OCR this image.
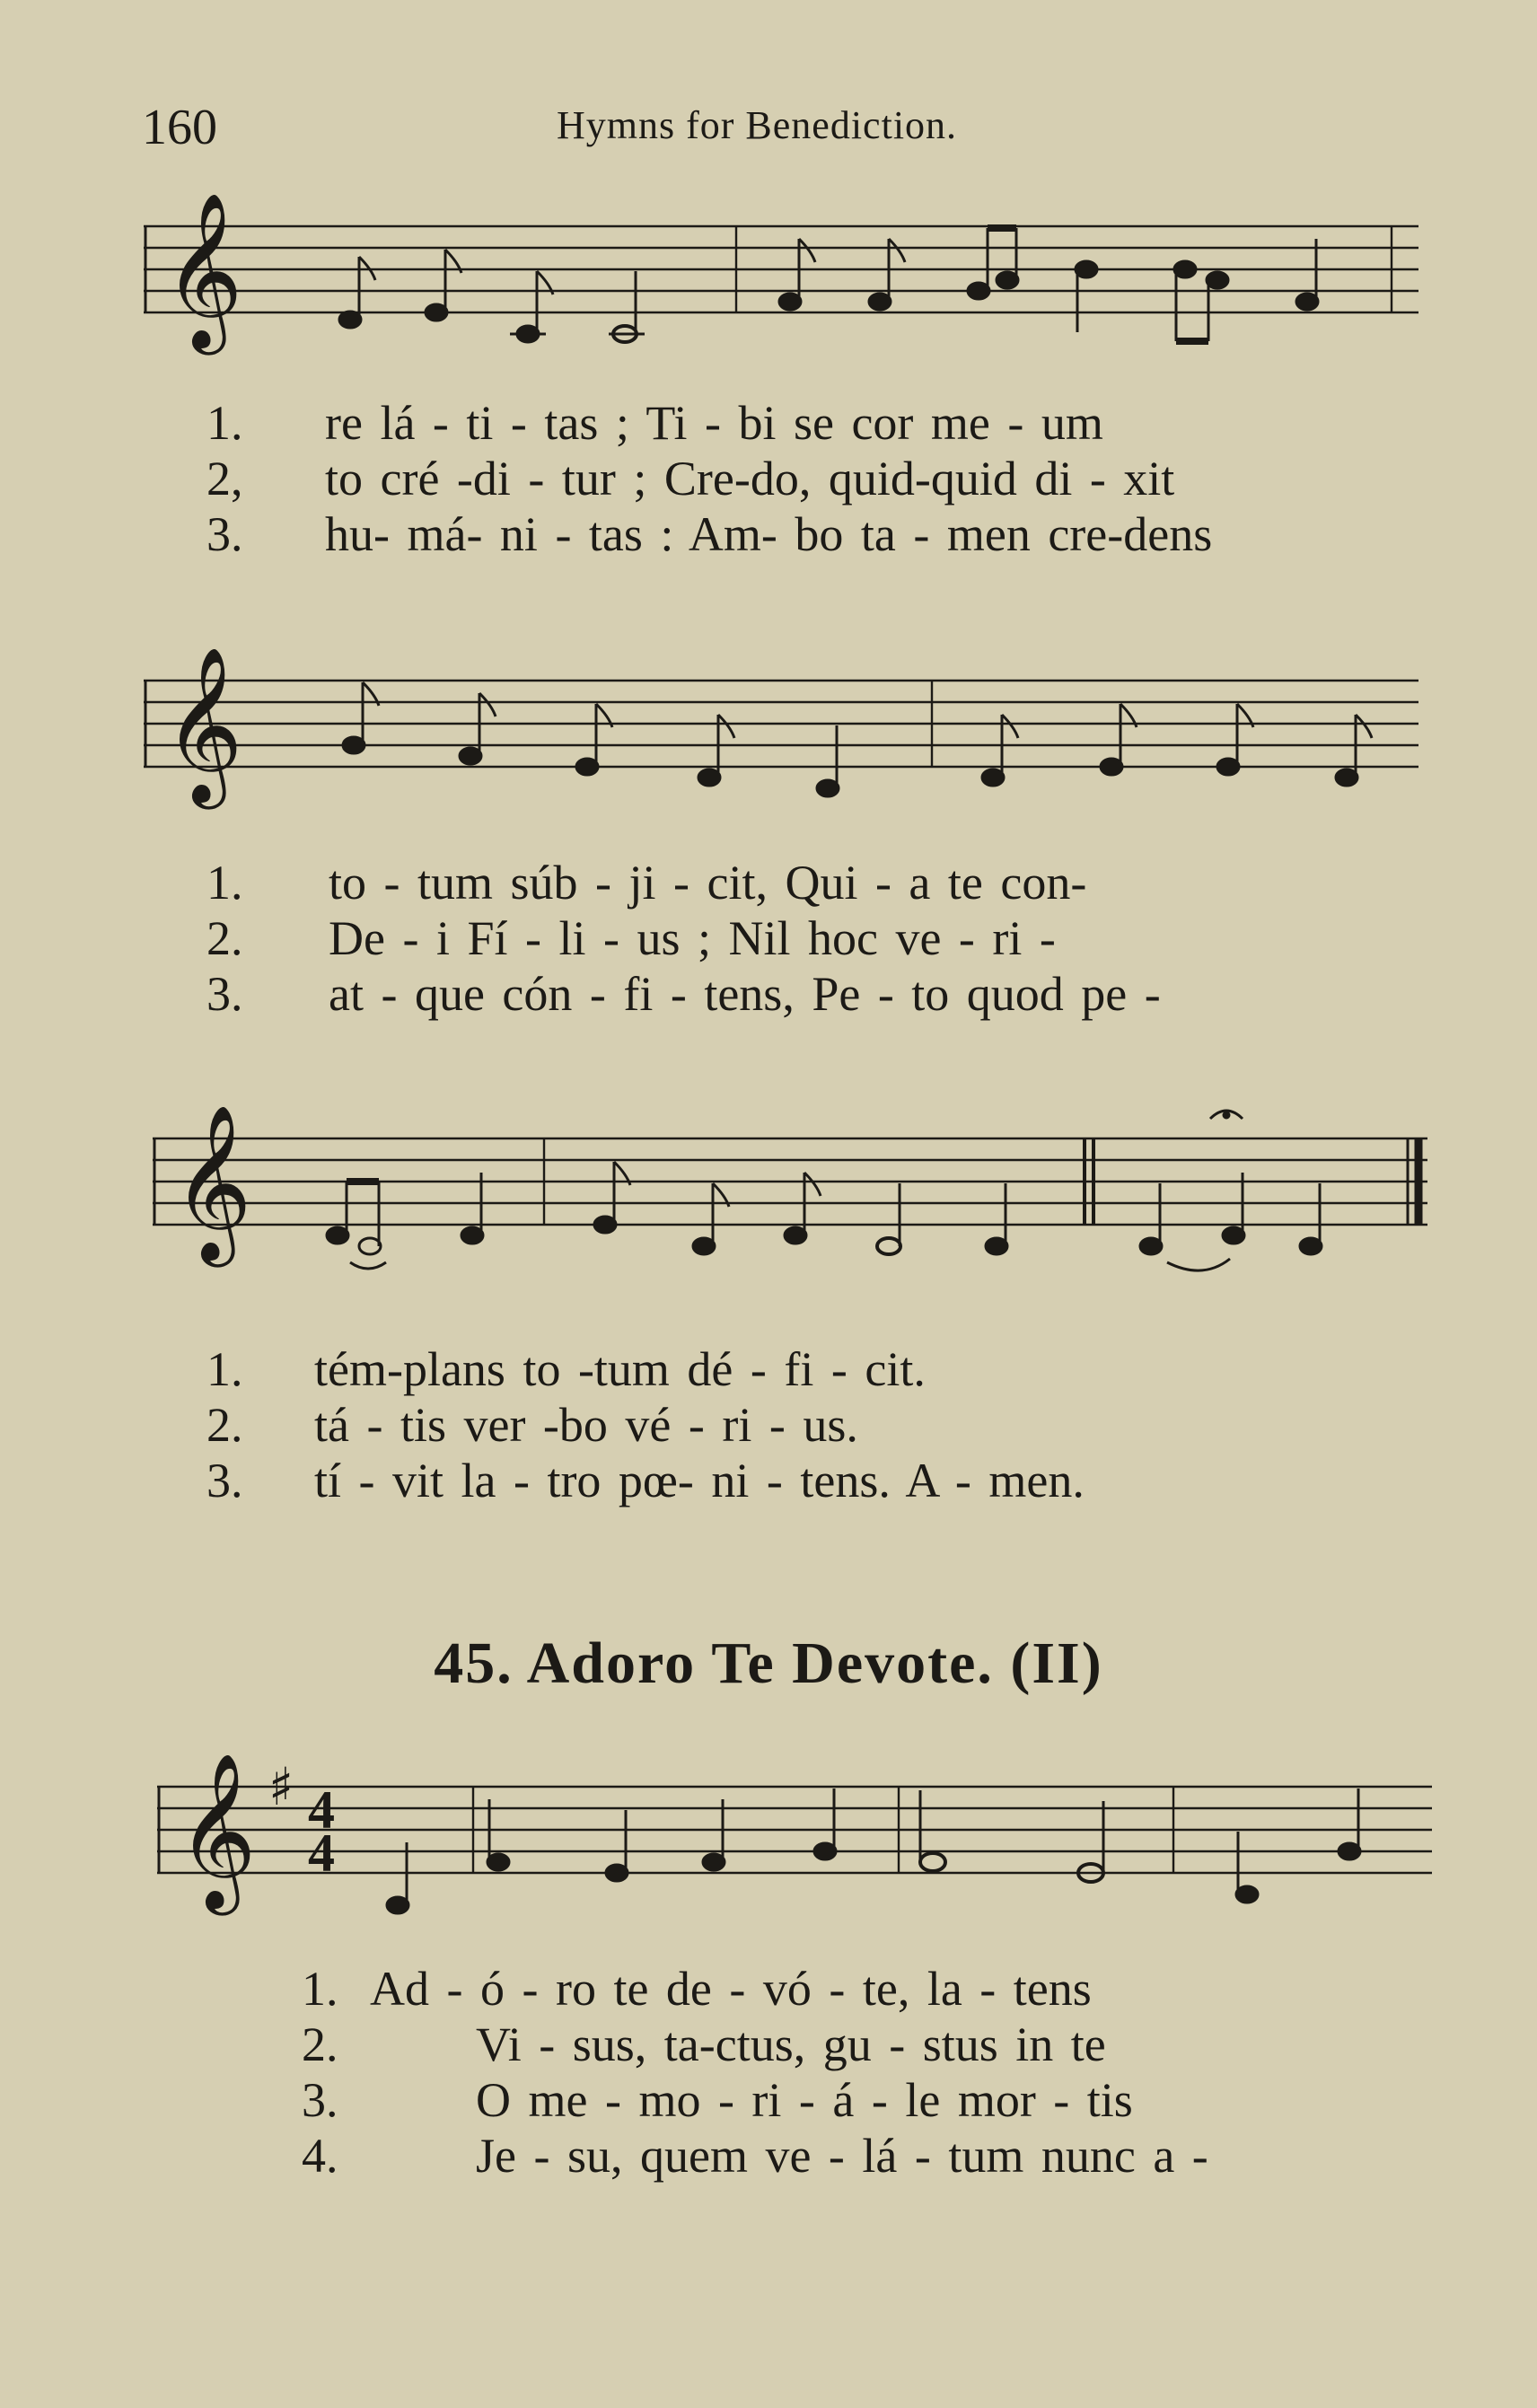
160	Hymns for Benediction.
𝄞
1. re lá - ti - tas ; Ti - bi se cor me - um
2, to cré -di - tur ; Cre-do, quid-quid di - xit
3. hu- má- ni - tas : Am- bo ta - men cre-dens
𝄞
1. to - tum súb - ji - cit, Qui - a te con-
2. De - i Fí - li - us ; Nil hoc ve - ri -
3. at - que cón - fi - tens, Pe - to quod pe -
𝄞
1. tém-plans to -tum dé - fi - cit.
2. tá - tis ver -bo vé - ri - us.
3. tí - vit la - tro pœ- ni - tens. A - men.
45. Adoro Te Devote. (II)
𝄞 ♯ 4
4
1. Ad - ó - ro te de - vó - te, la - tens
2.	Vi - sus, ta-ctus, gu - stus in te
3.	O me - mo - ri - á - le mor - tis
4.	Je - su, quem ve - lá - tum nunc a -
